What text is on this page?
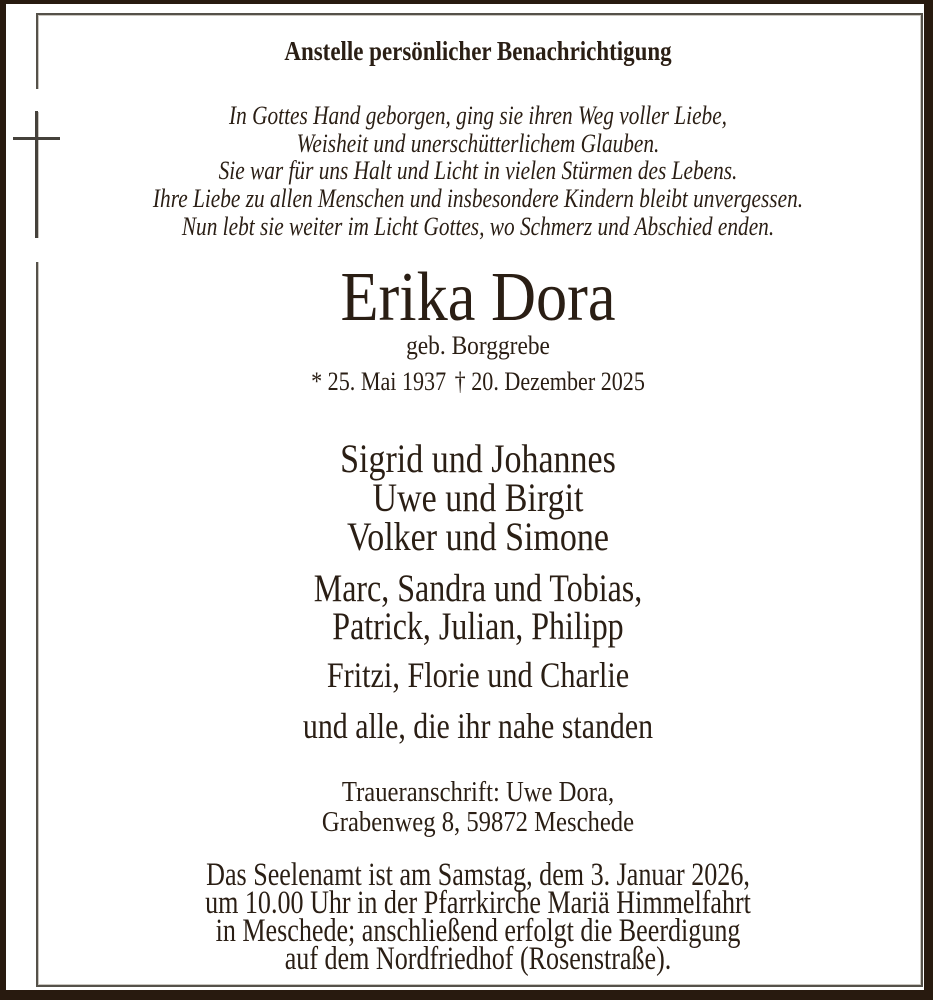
Anstelle persönlicher Benachrichtigung
In Gottes Hand geborgen, ging sie ihren Weg voller Liebe,
Weisheit und unerschütterlichem Glauben.
Sie war für uns Halt und Licht in vielen Stürmen des Lebens.
Ihre Liebe zu allen Menschen und insbesondere Kindern bleibt unvergessen.
Nun lebt sie weiter im Licht Gottes, wo Schmerz und Abschied enden.
Erika Dora
geb. Borggrebe
* 25. Mai 1937 † 20. Dezember 2025
Sigrid und Johannes
Uwe und Birgit
Volker und Simone
Marc, Sandra und Tobias,
Patrick, Julian, Philipp
Fritzi, Florie und Charlie
und alle, die ihr nahe standen
Traueranschrift: Uwe Dora,
Grabenweg 8, 59872 Meschede
Das Seelenamt ist am Samstag, dem 3. Januar 2026,
um 10.00 Uhr in der Pfarrkirche Mariä Himmelfahrt
in Meschede; anschließend erfolgt die Beerdigung
auf dem Nordfriedhof (Rosenstraße).
